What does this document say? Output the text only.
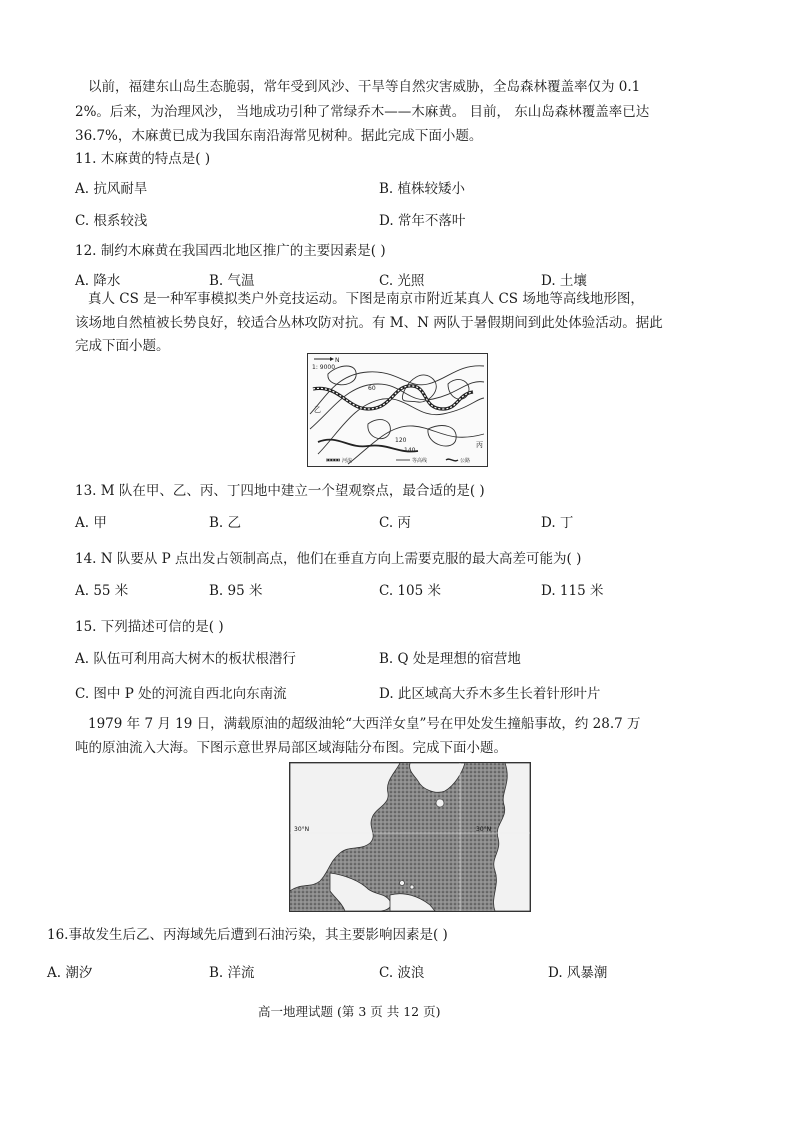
以前，福建东山岛生态脆弱，常年受到风沙、干旱等自然灾害威胁，全岛森林覆盖率仅为 0.1
2%。后来，为治理风沙， 当地成功引种了常绿乔木——木麻黄。 目前， 东山岛森林覆盖率已达
36.7%，木麻黄已成为我国东南沿海常见树种。据此完成下面小题。
11. 木麻黄的特点是( )
A. 抗风耐旱	B. 植株较矮小
C. 根系较浅	D. 常年不落叶
12. 制约木麻黄在我国西北地区推广的主要因素是( )
A. 降水	B. 气温	C. 光照	D. 土壤
真人 CS 是一种军事模拟类户外竞技运动。下图是南京市附近某真人 CS 场地等高线地形图，
该场地自然植被长势良好，较适合丛林攻防对抗。有 M、N 两队于暑假期间到此处体验活动。据此
完成下面小题。
N
1: 9000
60
120
140
乙
丙
河流	等高线	公路
13. M 队在甲、乙、丙、丁四地中建立一个望观察点，最合适的是( )
A. 甲	B. 乙	C. 丙	D. 丁
14. N 队要从 P 点出发占领制高点，他们在垂直方向上需要克服的最大高差可能为( )
A. 55 米	B. 95 米	C. 105 米	D. 115 米
15. 下列描述可信的是( )
A. 队伍可利用高大树木的板状根潜行	B. Q 处是理想的宿营地
C. 图中 P 处的河流自西北向东南流	D. 此区域高大乔木多生长着针形叶片
1979 年 7 月 19 日，满载原油的超级油轮“大西洋女皇”号在甲处发生撞船事故，约 28.7 万
吨的原油流入大海。下图示意世界局部区域海陆分布图。完成下面小题。
30°N	30°N
16.事故发生后乙、丙海域先后遭到石油污染，其主要影响因素是( )
A. 潮汐	B. 洋流	C. 波浪	D. 风暴潮
高一地理试题 (第 3 页 共 12 页)
